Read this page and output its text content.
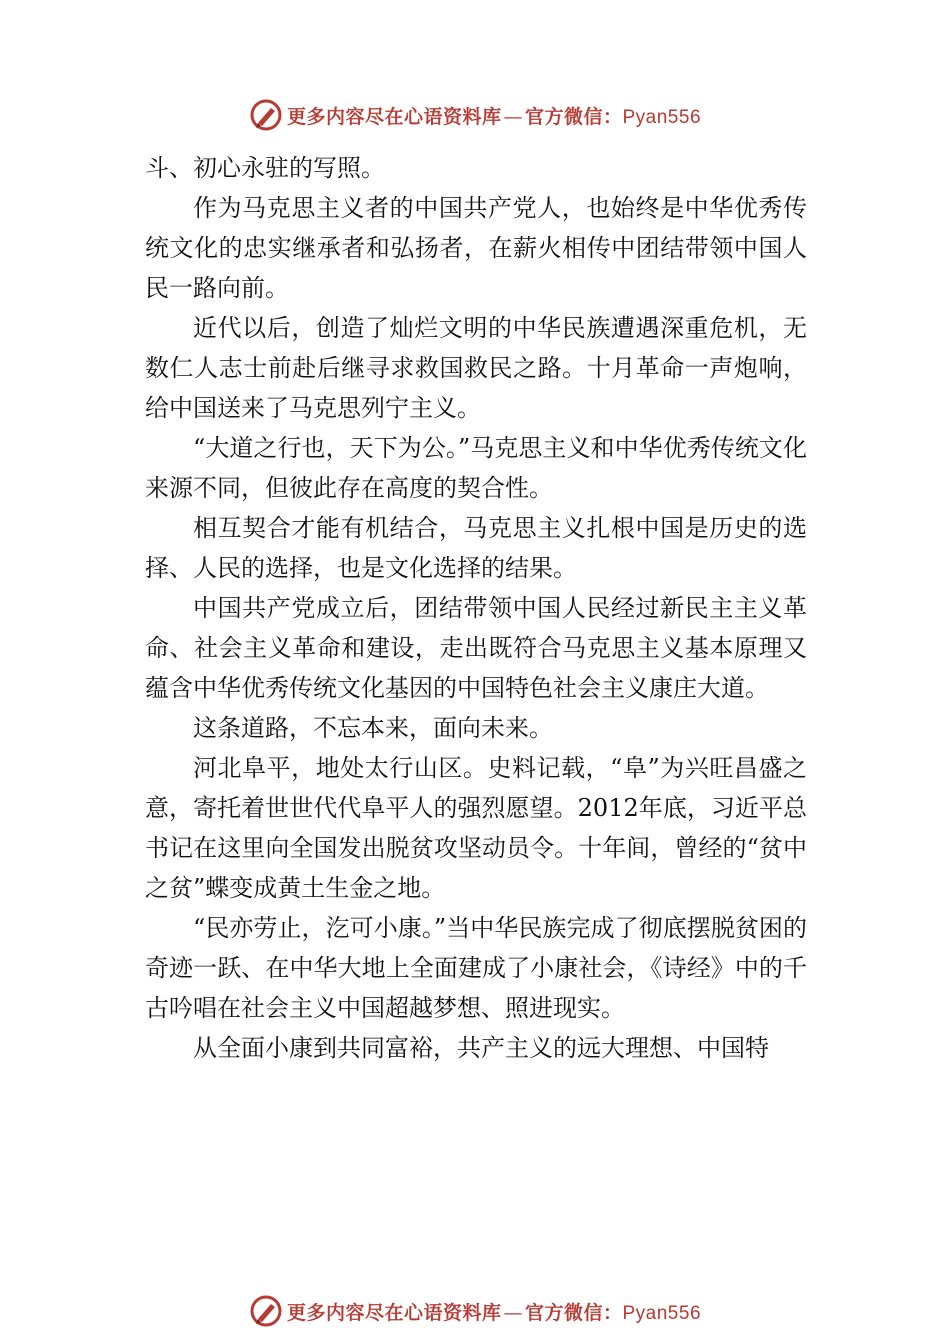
更多内容尽在心语资料库 — 官方微信：Pyan556

斗、初心永驻的写照。

作为马克思主义者的中国共产党人，也始终是中华优秀传统文化的忠实继承者和弘扬者，在薪火相传中团结带领中国人民一路向前。

近代以后，创造了灿烂文明的中华民族遭遇深重危机，无数仁人志士前赴后继寻求救国救民之路。十月革命一声炮响，给中国送来了马克思列宁主义。

“大道之行也，天下为公。”马克思主义和中华优秀传统文化来源不同，但彼此存在高度的契合性。

相互契合才能有机结合，马克思主义扎根中国是历史的选择、人民的选择，也是文化选择的结果。

中国共产党成立后，团结带领中国人民经过新民主主义革命、社会主义革命和建设，走出既符合马克思主义基本原理又蕴含中华优秀传统文化基因的中国特色社会主义康庄大道。

这条道路，不忘本来，面向未来。

河北阜平，地处太行山区。史料记载，“阜”为兴旺昌盛之意，寄托着世世代代阜平人的强烈愿望。2012年底，习近平总书记在这里向全国发出脱贫攻坚动员令。十年间，曾经的“贫中之贫”蝶变成黄土生金之地。

“民亦劳止，汔可小康。”当中华民族完成了彻底摆脱贫困的奇迹一跃、在中华大地上全面建成了小康社会，《诗经》中的千古吟唱在社会主义中国超越梦想、照进现实。

从全面小康到共同富裕，共产主义的远大理想、中国特

更多内容尽在心语资料库 — 官方微信：Pyan556
